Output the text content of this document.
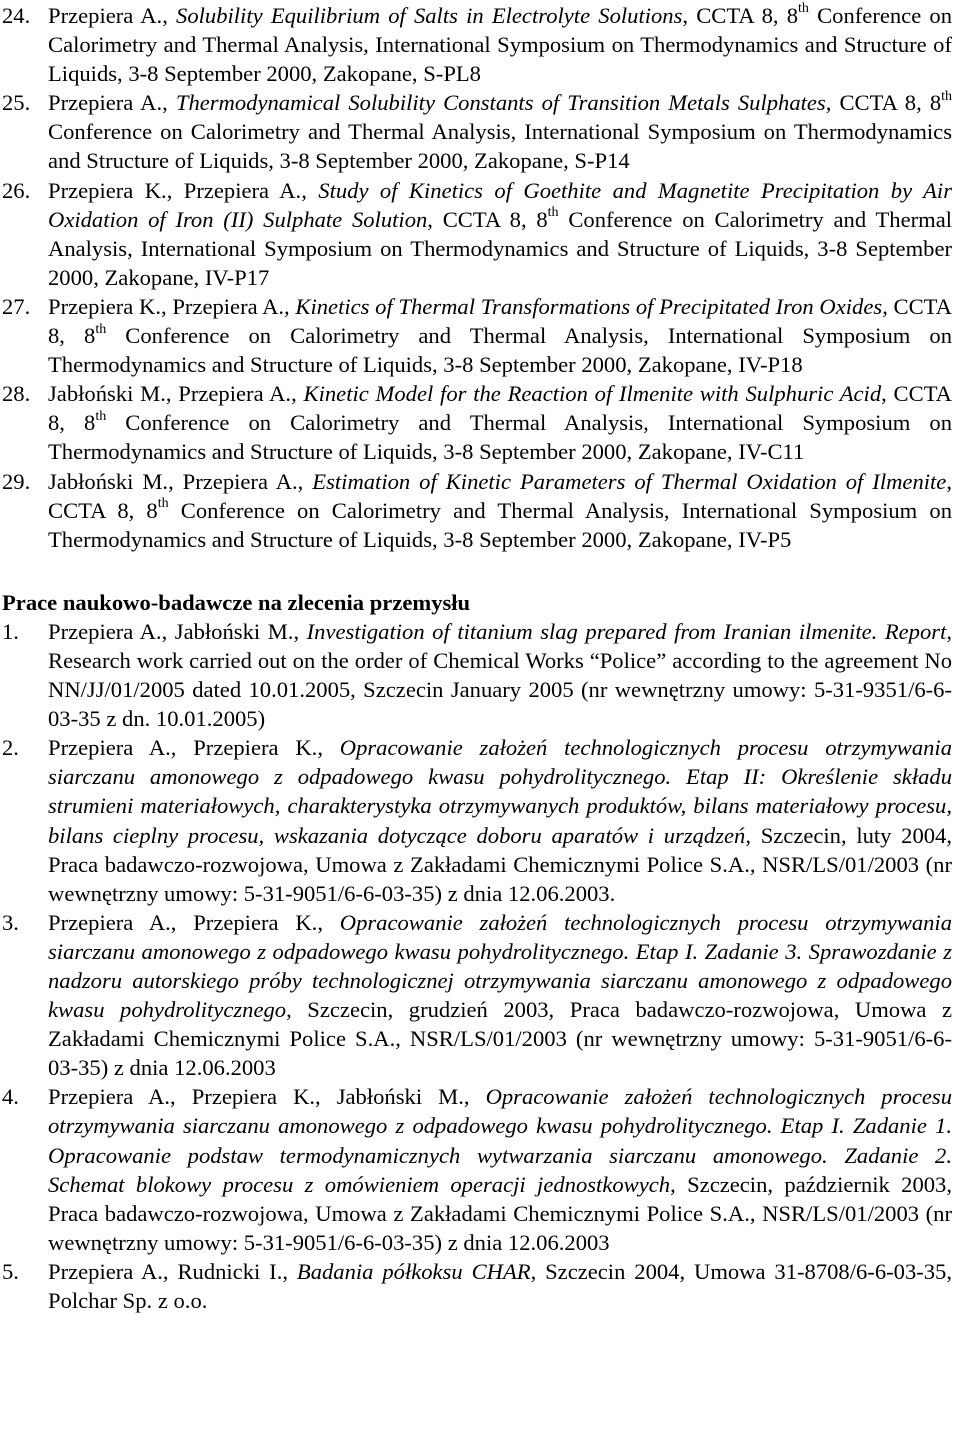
24. Przepiera A., Solubility Equilibrium of Salts in Electrolyte Solutions, CCTA 8, 8th Conference on Calorimetry and Thermal Analysis, International Symposium on Thermodynamics and Structure of Liquids, 3-8 September 2000, Zakopane, S-PL8
25. Przepiera A., Thermodynamical Solubility Constants of Transition Metals Sulphates, CCTA 8, 8th Conference on Calorimetry and Thermal Analysis, International Symposium on Thermodynamics and Structure of Liquids, 3-8 September 2000, Zakopane, S-P14
26. Przepiera K., Przepiera A., Study of Kinetics of Goethite and Magnetite Precipitation by Air Oxidation of Iron (II) Sulphate Solution, CCTA 8, 8th Conference on Calorimetry and Thermal Analysis, International Symposium on Thermodynamics and Structure of Liquids, 3-8 September 2000, Zakopane, IV-P17
27. Przepiera K., Przepiera A., Kinetics of Thermal Transformations of Precipitated Iron Oxides, CCTA 8, 8th Conference on Calorimetry and Thermal Analysis, International Symposium on Thermodynamics and Structure of Liquids, 3-8 September 2000, Zakopane, IV-P18
28. Jabłoński M., Przepiera A., Kinetic Model for the Reaction of Ilmenite with Sulphuric Acid, CCTA 8, 8th Conference on Calorimetry and Thermal Analysis, International Symposium on Thermodynamics and Structure of Liquids, 3-8 September 2000, Zakopane, IV-C11
29. Jabłoński M., Przepiera A., Estimation of Kinetic Parameters of Thermal Oxidation of Ilmenite, CCTA 8, 8th Conference on Calorimetry and Thermal Analysis, International Symposium on Thermodynamics and Structure of Liquids, 3-8 September 2000, Zakopane, IV-P5
Prace naukowo-badawcze na zlecenia przemysłu
1.	Przepiera A., Jabłoński M., Investigation of titanium slag prepared from Iranian ilmenite. Report, Research work carried out on the order of Chemical Works “Police” according to the agreement No NN/JJ/01/2005 dated 10.01.2005, Szczecin January 2005 (nr wewnętrzny umowy: 5-31-9351/6-6-03-35 z dn. 10.01.2005)
2.	Przepiera A., Przepiera K., Opracowanie założeń technologicznych procesu otrzymywania siarczanu amonowego z odpadowego kwasu pohydrolitycznego. Etap II: Określenie składu strumieni materiałowych, charakterystyka otrzymywanych produktów, bilans materiałowy procesu, bilans cieplny procesu, wskazania dotyczące doboru aparatów i urządzeń, Szczecin, luty 2004, Praca badawczo-rozwojowa, Umowa z Zakładami Chemicznymi Police S.A., NSR/LS/01/2003 (nr wewnętrzny umowy: 5-31-9051/6-6-03-35) z dnia 12.06.2003.
3.	Przepiera A., Przepiera K., Opracowanie założeń technologicznych procesu otrzymywania siarczanu amonowego z odpadowego kwasu pohydrolitycznego. Etap I. Zadanie 3. Sprawozdanie z nadzoru autorskiego próby technologicznej otrzymywania siarczanu amonowego z odpadowego kwasu pohydrolitycznego, Szczecin, grudzień 2003, Praca badawczo-rozwojowa, Umowa z Zakładami Chemicznymi Police S.A., NSR/LS/01/2003 (nr wewnętrzny umowy: 5-31-9051/6-6-03-35) z dnia 12.06.2003
4.	Przepiera A., Przepiera K., Jabłoński M., Opracowanie założeń technologicznych procesu otrzymywania siarczanu amonowego z odpadowego kwasu pohydrolitycznego. Etap I. Zadanie 1. Opracowanie podstaw termodynamicznych wytwarzania siarczanu amonowego. Zadanie 2. Schemat blokowy procesu z omówieniem operacji jednostkowych, Szczecin, październik 2003, Praca badawczo-rozwojowa, Umowa z Zakładami Chemicznymi Police S.A., NSR/LS/01/2003 (nr wewnętrzny umowy: 5-31-9051/6-6-03-35) z dnia 12.06.2003
5.	Przepiera A., Rudnicki I., Badania półkoksu CHAR, Szczecin 2004, Umowa 31-8708/6-6-03-35, Polchar Sp. z o.o.
